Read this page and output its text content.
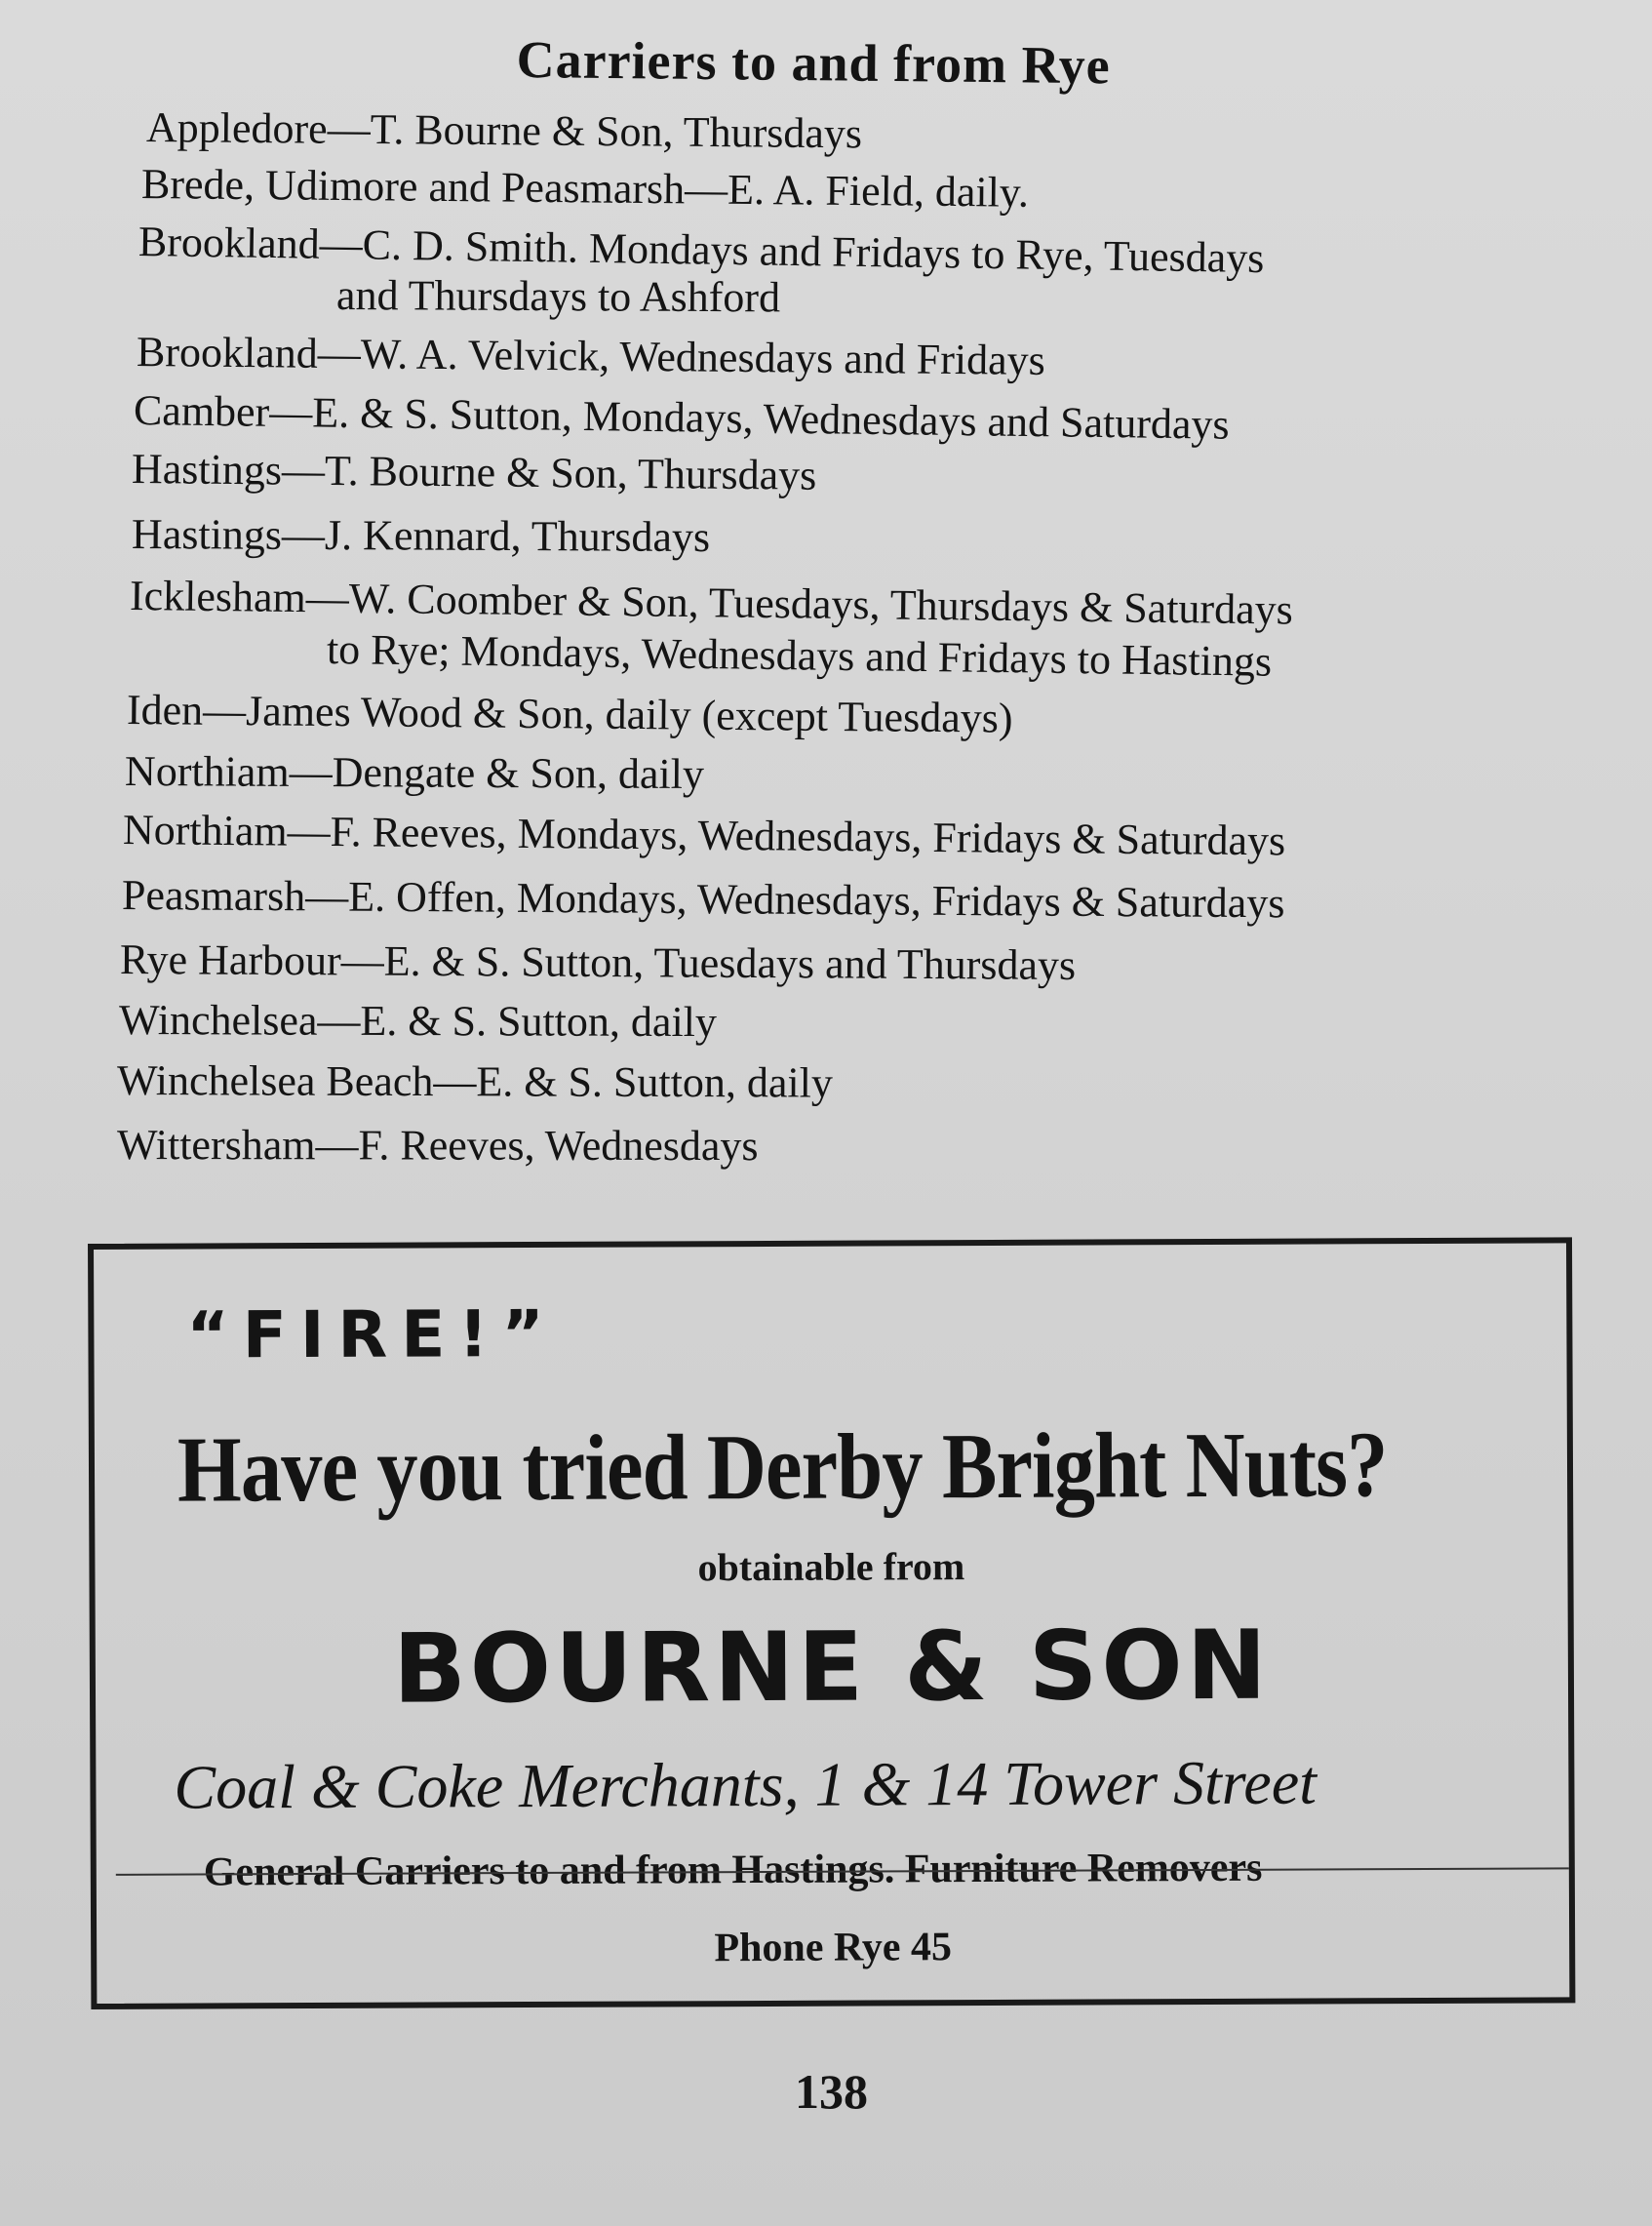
Carriers to and from Rye
Appledore—T. Bourne & Son, Thursdays
Brede, Udimore and Peasmarsh—E. A. Field, daily.
Brookland—C. D. Smith. Mondays and Fridays to Rye, Tuesdays
and Thursdays to Ashford
Brookland—W. A. Velvick, Wednesdays and Fridays
Camber—E. & S. Sutton, Mondays, Wednesdays and Saturdays
Hastings—T. Bourne & Son, Thursdays
Hastings—J. Kennard, Thursdays
Icklesham—W. Coomber & Son, Tuesdays, Thursdays & Saturdays
to Rye; Mondays, Wednesdays and Fridays to Hastings
Iden—James Wood & Son, daily (except Tuesdays)
Northiam—Dengate & Son, daily
Northiam—F. Reeves, Mondays, Wednesdays, Fridays & Saturdays
Peasmarsh—E. Offen, Mondays, Wednesdays, Fridays & Saturdays
Rye Harbour—E. & S. Sutton, Tuesdays and Thursdays
Winchelsea—E. & S. Sutton, daily
Winchelsea Beach—E. & S. Sutton, daily
Wittersham—F. Reeves, Wednesdays
“FIRE!”
Have you tried Derby Bright Nuts?
obtainable from
BOURNE & SON
Coal & Coke Merchants, 1 & 14 Tower Street
General Carriers to and from Hastings. Furniture Removers
Phone Rye 45
138
